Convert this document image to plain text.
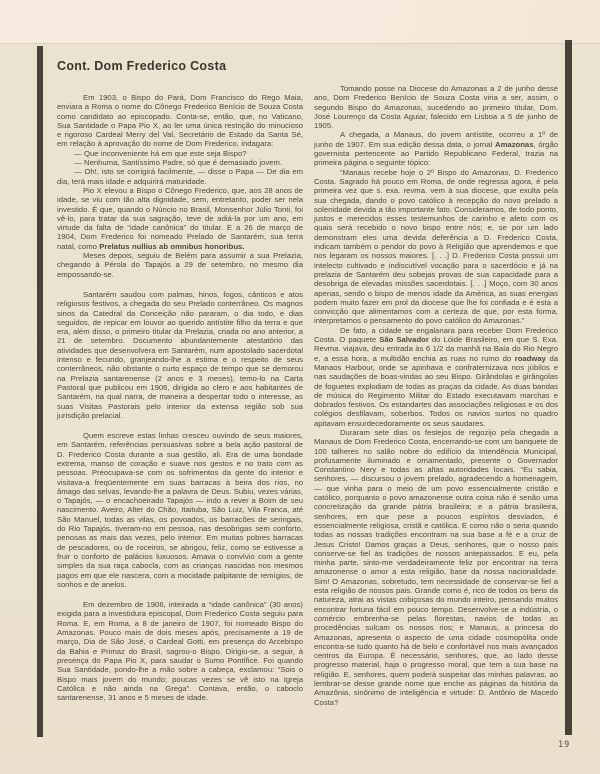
Cont. Dom Frederico Costa

Em 1903, o Bispo do Pará, Dom Francisco do Rego Maia, enviara a Roma o nome do Cônego Frederico Benício de Souza Costa como candidato ao episcopado. Conta-se, então, que, no Vaticano, Sua Santidade o Papa Pio X, ao ler uma única restrição do minucioso e rigoroso Cardeal Merry del Val, Secretário de Estado da Santa Sé, em relação à aprovação do nome de Dom Frederico, indagara:

— Que inconveniente há em que este seja Bispo?

— Nenhuma, Santíssimo Padre, só que é demasiado jovem.

— Oh!, isto se corrigirá facilmente, — disse o Papa — De dia em dia, terá mais idade e adquirirá maturidade.

Pio X elevou a Bispo o Cônego Frederico, que, aos 28 anos de idade, se viu com tão alta dignidade, sem, entretanto, poder ser nela investido. É que, quando o Núncio no Brasil, Monsenhor Júlio Tonti, foi vê-lo, para tratar da sua sagração, teve de adiá-la por um ano, em virtude da falta de “idade canônica” do titular. E a 26 de março de 1904, Dom Frederico foi nomeado Prelado de Santarém, sua terra natal, como Prelatus nullius ab omnibus honoribus.

Meses depois, seguiu de Belém para assumir a sua Prelazia, chegando à Pérola do Tapajós a 29 de setembro, no mesmo dia empossando-se.

Santarém saudou com palmas, hinos, fogos, cânticos e atos religiosos festivos, a chegada do seu Prelado conterrâneo. Os magnos sinos da Catedral da Conceição não pararam, o dia todo, e dias seguidos, de repicar em louvor ao querido antístite filho da terra e que era, além disso, o primeiro titular da Prelazia, criada no ano anterior, a 21 de setembro. Documento abundantemente atestatório das atividades que desenvolvera em Santarém, num apostolado sacerdotal intenso e fecundo, granjeando-lhe a estima e o respeito de seus conterrâneos, não obstante o curto espaço de tempo que se demorou na Prelazia santarenense (2 anos e 3 meses), temo-lo na Carta Pastoral que publicou em 1906, dirigida ao clero e aos habitantes de Santarém, na qual narra, de maneira a despertar todo o interesse, as suas Visitas Pastorais pelo interior da extensa região sob sua jurisdição prelacial.

Quem escreve estas linhas cresceu ouvindo de seus maiores, em Santarém, referências persuasivas sobre a bela ação pastoral de D. Frederico Costa durante a sua gestão, ali. Era de uma bondade extrema, manso de coração e suave nos gestos e no trato com as pessoas. Preocupava-se com os sofrimentos da gente do interior e visitava-a freqüentemente em suas barracas à beira dos rios, no âmago das selvas, levando-lhe a palavra de Deus. Subiu, vezes várias, o Tapajós, — o encachoeirado Tapajós — indo a rever a Boim de seu nascimento. Aveiro, Alter do Chão, Itaituba, São Luiz, Vila Franca, até São Manuel, todas as vilas, os povoados, os barracões de seringais, do Rio Tapajós, tiveram-no em pessoa, nas desobrigas sem conforto, penosas as mais das vezes, pelo interior. Em muitas pobres barracas de pescadores, ou de roceiros, se abrigou, feliz, como se estivesse a fruir o conforto de palácios luxuosos. Amava o convívio com a gente simples da sua raça cabocla, com as crianças nascidas nos mesmos pagos em que ele nascera, com a mocidade palpitante de remígios, de sonhos e de anelos.

Em dezembro de 1906, inteirada a “idade canônica” (30 anos) exigida para a investidura episcopal, Dom Frederico Costa seguiu para Roma. E, em Roma, a 8 de janeiro de 1907, foi nomeado Bispo do Amazonas. Pouco mais de dois meses após, precisamente a 19 de março, Dia de São José, o Cardeal Gotti, em presença do Arcebispo da Bahia e Primaz do Brasil, sagrou-o Bispo. Dirigiu-se, a seguir, à presença do Papa Pio X, para saudar o Sumo Pontífice. Foi quando Sua Santidade, pondo-lhe a mão sobre a cabeça, exclamou: “Sois o Bispo mais jovem do mundo; poucas vezes se vê isto na Igreja Católica e não ainda na Grega”. Contava, então, o caboclo santarenense, 31 anos e 5 meses de idade.

Tomando posse na Diocese do Amazonas a 2 de junho desse ano, Dom Frederico Benício de Souza Costa viria a ser, assim, o segundo Bispo do Amazonas, sucedendo ao primeiro titular, Dom. José Lourenço da Costa Aguiar, falecido em Lisboa a 5 de junho de 1905.

A chegada, a Manaus, do jovem antístite, ocorreu a 1º de junho de 1907. Em sua edição dessa data, o jornal Amazonas, órgão governista pertencente ao Partido Republicano Federal, trazia na primeira página o seguinte tópico:

“Manaus recebe hoje o 2º Bispo do Amazonas, D. Frederico Costa. Sagrado há pouco em Roma, de onde regressa agora, é pela primeira vez que s. exa. revma. vem à sua diocese, que exulta pela sua chegada, dando o povo católico à recepção do novo prelado a solenidade devida a tão importante fato. Consideramos, de todo ponto, justos e merecidos esses testemunhos de carinho e afeto com os quais será recebido o novo bispo entre nós; e, se por um lado demonstram eles uma devida deferência a D. Frederico Costa, indicam também o pendor do povo à Religião que aprendemos e que nos legaram os nossos maiores. [. . .] D. Frederico Costa possui um intelecto cultivado e indiscutível vocação para o sacerdócio e já na prelazia de Santarém deu sobejas provas de sua capacidade para a desobriga de elevadas missões sacerdotais. [. . .] Moço, com 30 anos apenas, sendo o bispo de menos idade da América, as suas energias podem muito fazer em prol da diocese que lhe foi confiada e é esta a convicção que alimentamos com a certeza de que, por esta forma, interpretamos o pensamento do povo católico do Amazonas.”

De fato, a cidade se engalanara para receber Dom Frederico Costa. O paquete São Salvador do Lóide Brasileiro, em que S. Exa. Revma. viajava, deu entrada às 6 1/2 da manhã na Baía do Rio Negro e, a essa hora, a multidão enchia as ruas no rumo do roadway da Manaos Harbour, onde se apinhava e confraternizava nos júbilos e nas saudações de boas-vindas ao seu Bispo. Girândolas e girângolas de foguetes explodiam de todas as praças da cidade. As duas bandas de música do Regimento Militar do Estado executavam marchas e dobrados festivos. Os estandartes das associações religiosas e os dos colégios desfilavam, soberbos. Todos os navios surtos no quadro apitavam ensurdecedoramente os seus saudares.

Duraram sete dias os festejos de regozijo pela chegada a Manaus de Dom Frederico Costa, encerrando-se com um banquete de 100 talheres no salão nobre do edifício da Intendência Municipal, profusamente iluminado e ornamentado, presente o Governador Constantino Nery e todas as altas autoridades locais. “Eu sabia, senhores, — discursou o jovem prelado, agradecendo a homenagem, — que vinha para o meio de um povo essencialmente cristão e católico, porquanto o povo amazonense outra coisa não é senão uma concretização da grande pátria brasileira; e a pátria brasileira, senhores, em que pese a poucos espíritos desviados, é essencialmente religiosa, cristã e católica. E como não o seria quando todas as nossas tradições encontram na sua base a fé e a cruz de Jesus Cristo! Damos graças a Deus, senhores, que o nosso país conserve-se fiel às tradições de nossos antepassados. E eu, pela minha parte, sinto-me verdadeiramente feliz por encontrar na terra amazonense o amor a esta religião, base da nossa nacionalidade. Sim! O Amazonas, sobretudo, tem necessidade de conservar-se fiel a esta religião de nossos pais. Grande como é, rico de todos os bens da natureza, atrai as vistas cobiçosas do mundo inteiro, pensando muitos encontrar fortuna fácil em pouco tempo. Desenvolve-se a indústria, o comércio embrenha-se pelas florestas, navios de todas as procedências sulcam os nossos rios; e Manaus, a princesa do Amazonas, apresenta o aspecto de uma cidade cosmopólita onde encontra-se tudo quanto há de belo e confortável nos mais avançados centros da Europa. É necessário, senhores, que, ao lado desse progresso material, haja o progresso moral, que tem a sua base na religião. E, senhores, quem poderá suspeitar das minhas palavras, ao lembrar-se desse grande nome que enche as páginas da história da Amazônia, sinônimo de inteligência e virtude: D. Antônio de Macedo Costa?

19
